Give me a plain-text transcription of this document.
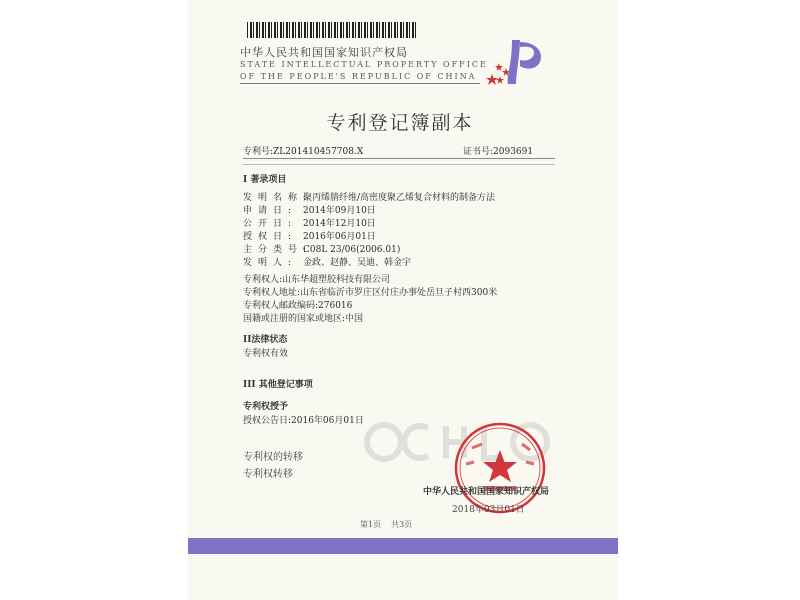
中华人民共和国国家知识产权局
STATE INTELLECTUAL PROPERTY OFFICE
OF THE PEOPLE'S REPUBLIC OF CHINA
专利登记簿副本
专利号:ZL201410457708.X	证书号:2093691
I 著录项目
发明名称:聚丙烯腈纤维/高密度聚乙烯复合材料的制备方法
申请日: 2014年09月10日
公开日: 2014年12月10日
授权日: 2016年06月01日
主分类号:C08L 23/06(2006.01)
发明人: 金政、赵静、吴迪、韩金宇
专利权人:山东华超塑胶科技有限公司
专利权人地址:山东省临沂市罗庄区付庄办事处岳旦子村西300米
专利权人邮政编码:276016
国籍或注册的国家或地区:中国
II法律状态
专利权有效
III 其他登记事项
专利权授予
授权公告日:2016年06月01日
专利权的转移
专利权转移
中华人民共和国国家知识产权局
2018年03月01日
第1页 共3页
